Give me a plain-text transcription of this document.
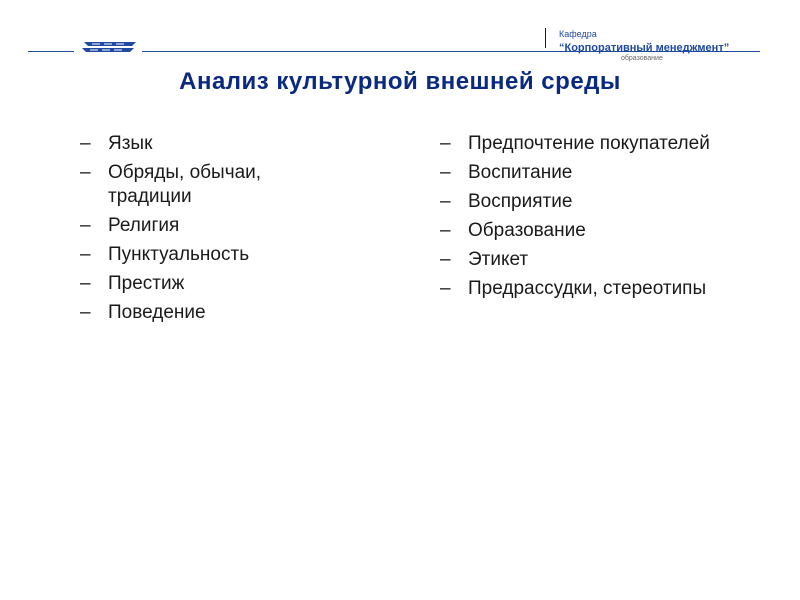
Кафедра
“Корпоративный менеджмент”
образование
Анализ культурной внешней среды
– Язык
– Обряды, обычаи, традиции
– Религия
– Пунктуальность
– Престиж
– Поведение
– Предпочтение покупателей
– Воспитание
– Восприятие
– Образование
– Этикет
– Предрассудки, стереотипы
